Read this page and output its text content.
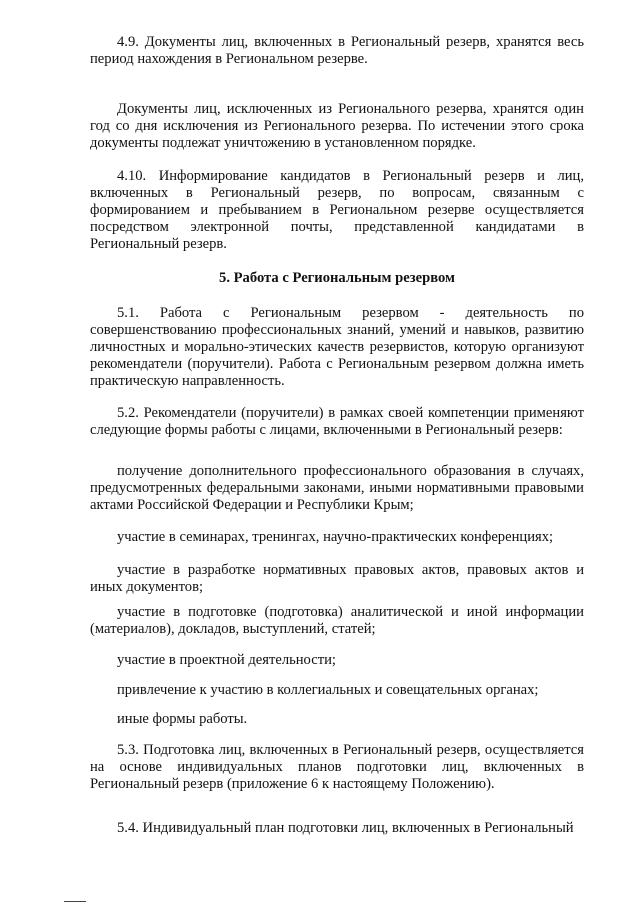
4.9. Документы лиц, включенных в Региональный резерв, хранятся весь период нахождения в Региональном резерве.

Документы лиц, исключенных из Регионального резерва, хранятся один год со дня исключения из Регионального резерва. По истечении этого срока документы подлежат уничтожению в установленном порядке.

4.10. Информирование кандидатов в Региональный резерв и лиц, включенных в Региональный резерв, по вопросам, связанным с формированием и пребыванием в Региональном резерве осуществляется посредством электронной почты, представленной кандидатами в Региональный резерв.

5. Работа с Региональным резервом

5.1. Работа с Региональным резервом - деятельность по совершенствованию профессиональных знаний, умений и навыков, развитию личностных и морально-этических качеств резервистов, которую организуют рекомендатели (поручители). Работа с Региональным резервом должна иметь практическую направленность.

5.2. Рекомендатели (поручители) в рамках своей компетенции применяют следующие формы работы с лицами, включенными в Региональный резерв:

получение дополнительного профессионального образования в случаях, предусмотренных федеральными законами, иными нормативными правовыми актами Российской Федерации и Республики Крым;

участие в семинарах, тренингах, научно-практических конференциях;

участие в разработке нормативных правовых актов, правовых актов и иных документов;

участие в подготовке (подготовка) аналитической и иной информации (материалов), докладов, выступлений, статей;

участие в проектной деятельности;

привлечение к участию в коллегиальных и совещательных органах;

иные формы работы.

5.3. Подготовка лиц, включенных в Региональный резерв, осуществляется на основе индивидуальных планов подготовки лиц, включенных в Региональный резерв (приложение 6 к настоящему Положению).

5.4. Индивидуальный план подготовки лиц, включенных в Региональный
